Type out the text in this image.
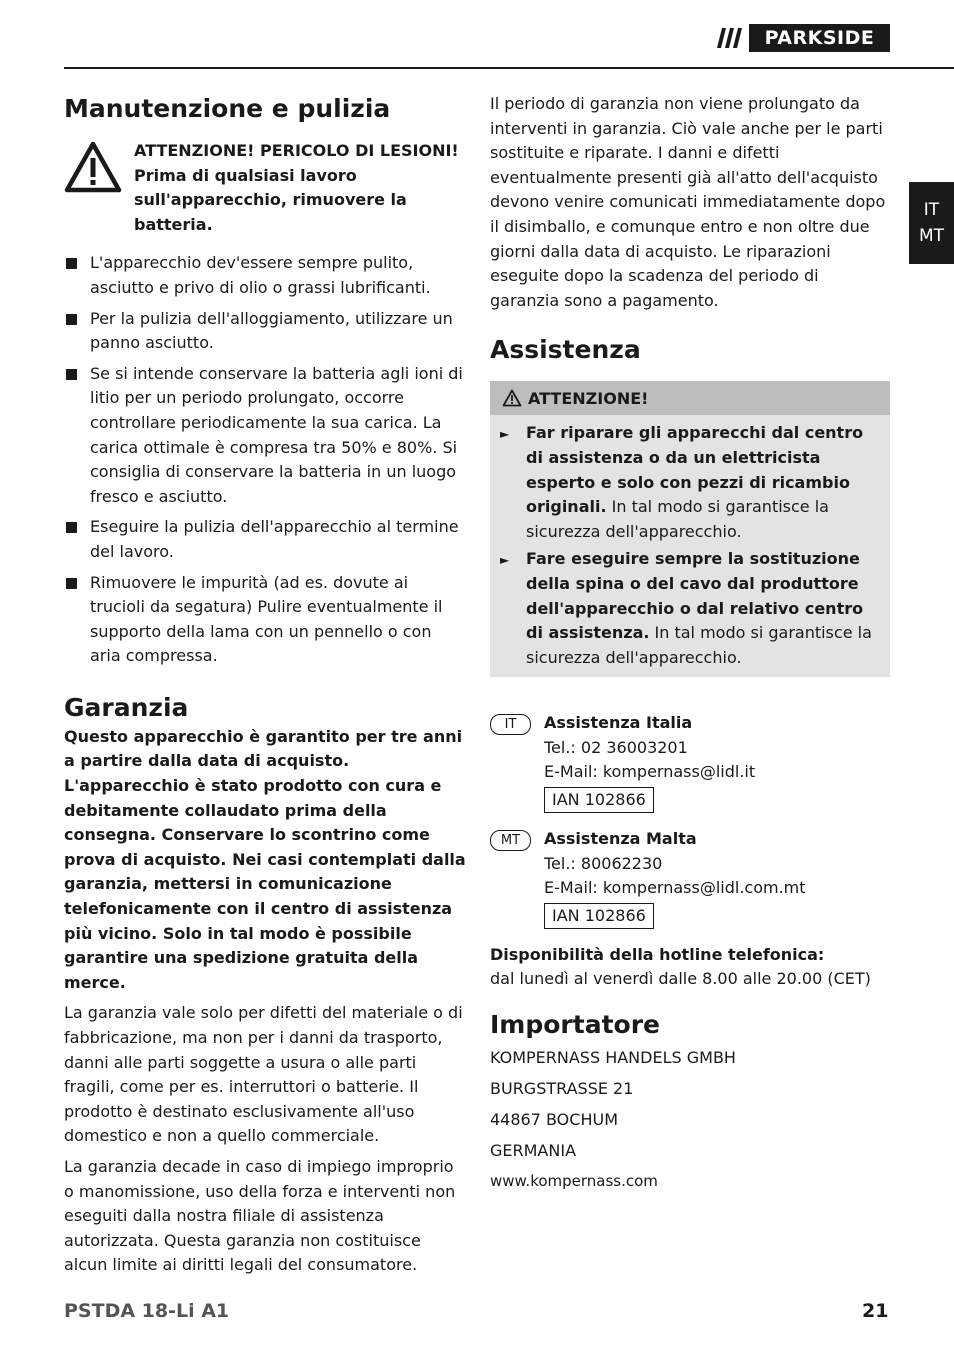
PARKSIDE
IT
MT
Manutenzione e pulizia
ATTENZIONE! PERICOLO DI LESIONI! Prima di qualsiasi lavoro sull'apparecchio, rimuovere la batteria.
L'apparecchio dev'essere sempre pulito, asciutto e privo di olio o grassi lubrificanti.
Per la pulizia dell'alloggiamento, utilizzare un panno asciutto.
Se si intende conservare la batteria agli ioni di litio per un periodo prolungato, occorre controllare periodicamente la sua carica. La carica ottimale è compresa tra 50% e 80%. Si consiglia di conservare la batteria in un luogo fresco e asciutto.
Eseguire la pulizia dell'apparecchio al termine del lavoro.
Rimuovere le impurità (ad es. dovute ai trucioli da segatura) Pulire eventualmente il supporto della lama con un pennello o con aria compressa.
Garanzia

Questo apparecchio è garantito per tre anni a partire dalla data di acquisto. L'apparecchio è stato prodotto con cura e debitamente collaudato prima della consegna. Conservare lo scontrino come prova di acquisto. Nei casi contemplati dalla garanzia, mettersi in comunicazione telefonicamente con il centro di assistenza più vicino. Solo in tal modo è possibile garantire una spedizione gratuita della merce.

La garanzia vale solo per difetti del materiale o di fabbricazione, ma non per i danni da trasporto, danni alle parti soggette a usura o alle parti fragili, come per es. interruttori o batterie. Il prodotto è destinato esclusivamente all'uso domestico e non a quello commerciale.

La garanzia decade in caso di impiego improprio o manomissione, uso della forza e interventi non eseguiti dalla nostra filiale di assistenza autorizzata. Questa garanzia non costituisce alcun limite ai diritti legali del consumatore.

Il periodo di garanzia non viene prolungato da interventi in garanzia. Ciò vale anche per le parti sostituite e riparate. I danni e difetti eventualmente presenti già all'atto dell'acquisto devono venire comunicati immediatamente dopo il disimballo, e comunque entro e non oltre due giorni dalla data di acquisto. Le riparazioni eseguite dopo la scadenza del periodo di garanzia sono a pagamento.

Assistenza
ATTENZIONE!
► Far riparare gli apparecchi dal centro di assistenza o da un elettricista esperto e solo con pezzi di ricambio originali. In tal modo si garantisce la sicurezza dell'apparecchio.
► Fare eseguire sempre la sostituzione della spina o del cavo dal produttore dell'apparecchio o dal relativo centro di assistenza. In tal modo si garantisce la sicurezza dell'apparecchio.
IT	Assistenza Italia
Tel.: 02 36003201
E-Mail: kompernass@lidl.it
IAN 102866
MT	Assistenza Malta
Tel.: 80062230
E-Mail: kompernass@lidl.com.mt
IAN 102866

Disponibilità della hotline telefonica:

dal lunedì al venerdì dalle 8.00 alle 20.00 (CET)

Importatore
KOMPERNASS HANDELS GMBH
BURGSTRASSE 21
44867 BOCHUM
GERMANIA
www.kompernass.com
PSTDA 18-Li A1	21
